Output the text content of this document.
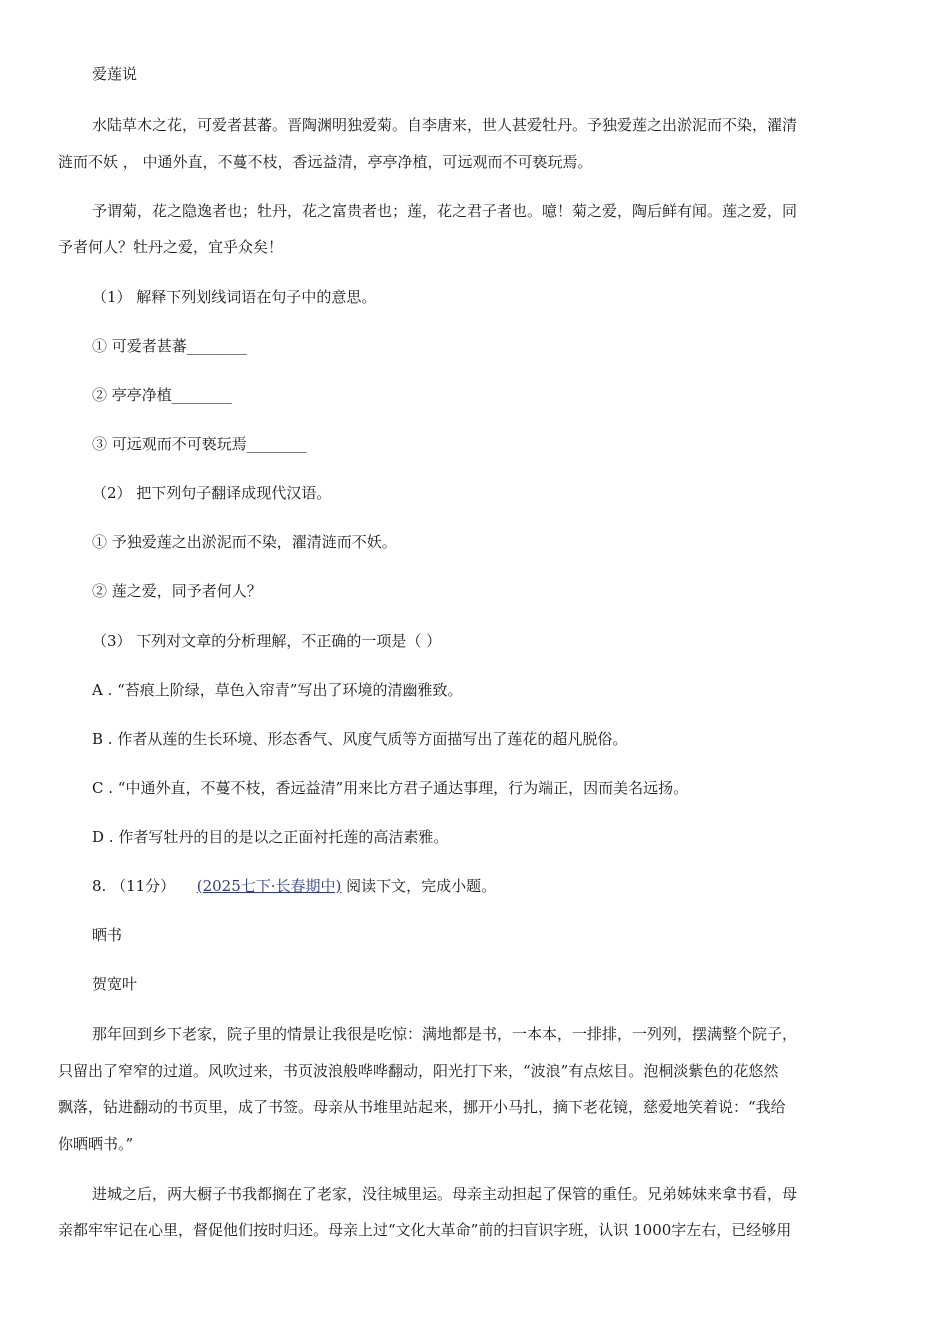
爱莲说
水陆草木之花，可爱者甚蕃。晋陶渊明独爱菊。自李唐来，世人甚爱牡丹。予独爱莲之出淤泥而不染，濯清
涟而不妖 ， 中通外直，不蔓不枝，香远益清，亭亭净植，可远观而不可亵玩焉。
予谓菊，花之隐逸者也；牡丹，花之富贵者也；莲，花之君子者也。噫！菊之爱，陶后鲜有闻。莲之爱，同
予者何人？牡丹之爱，宜乎众矣！
（1） 解释下列划线词语在句子中的意思。
① 可爱者甚蕃________
② 亭亭净植________
③ 可远观而不可亵玩焉________
（2） 把下列句子翻译成现代汉语。
① 予独爱莲之出淤泥而不染，濯清涟而不妖。
② 莲之爱，同予者何人？
（3） 下列对文章的分析理解，不正确的一项是（ ）
A . “苔痕上阶绿，草色入帘青”写出了环境的清幽雅致。
B . 作者从莲的生长环境、形态香气、风度气质等方面描写出了莲花的超凡脱俗。
C . “中通外直，不蔓不枝，香远益清”用来比方君子通达事理，行为端正，因而美名远扬。
D . 作者写牡丹的目的是以之正面衬托莲的高洁素雅。
8. （11分） (2025七下·长春期中) 阅读下文，完成小题。
晒书
贺宽叶
那年回到乡下老家，院子里的情景让我很是吃惊：满地都是书，一本本，一排排，一列列，摆满整个院子，
只留出了窄窄的过道。风吹过来，书页波浪般哗哗翻动，阳光打下来，“波浪”有点炫目。泡桐淡紫色的花悠然
飘落，钻进翻动的书页里，成了书签。母亲从书堆里站起来，挪开小马扎，摘下老花镜，慈爱地笑着说：“我给
你晒晒书。”
进城之后，两大橱子书我都搁在了老家，没往城里运。母亲主动担起了保管的重任。兄弟姊妹来拿书看，母
亲都牢牢记在心里，督促他们按时归还。母亲上过“文化大革命”前的扫盲识字班，认识 1000字左右，已经够用
